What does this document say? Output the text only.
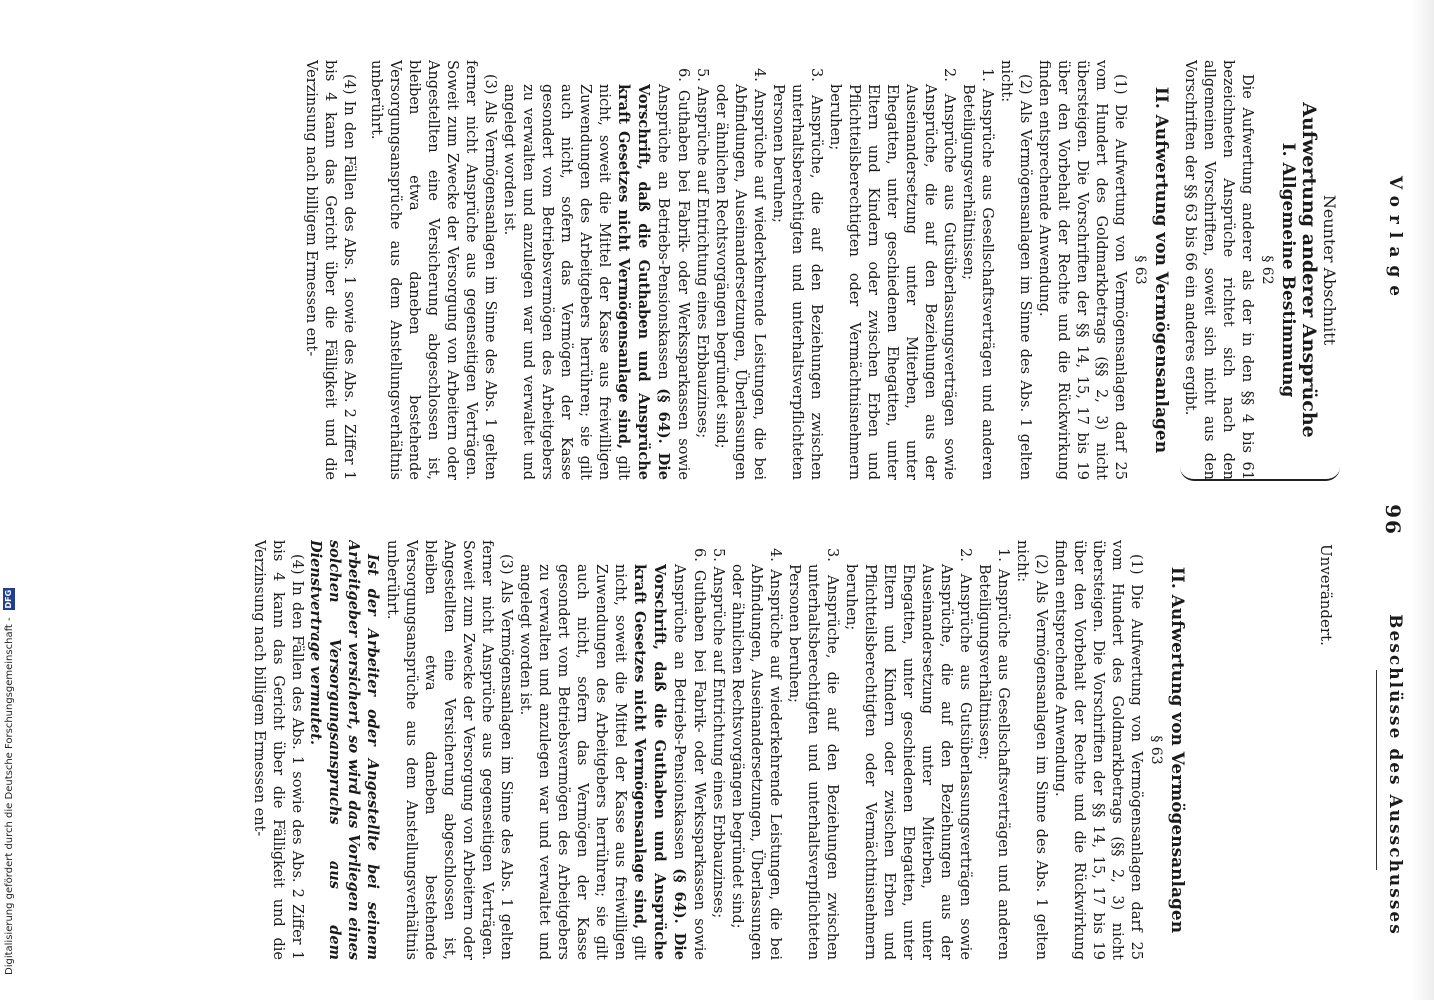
Vorlage
96
Beschlüsse des Ausschusses
Neunter Abschnitt
Aufwertung anderer Ansprüche
I. Allgemeine Bestimmung
§ 62

Die Aufwertung anderer als der in den §§ 4 bis 61 bezeichneten Ansprüche richtet sich nach den allgemeinen Vorschriften, soweit sich nicht aus den Vorschriften der §§ 63 bis 66 ein anderes ergibt.

II. Aufwertung von Vermögensanlagen
§ 63

(1) Die Aufwertung von Vermögensanlagen darf 25 vom Hundert des Goldmarkbetrags (§§ 2, 3) nicht übersteigen. Die Vorschriften der §§ 14, 15, 17 bis 19 über den Vorbehalt der Rechte und die Rückwirkung finden entsprechende Anwendung.

(2) Als Vermögensanlagen im Sinne des Abs. 1 gelten nicht:

1. Ansprüche aus Gesellschaftsverträgen und anderen Beteiligungsverhältnissen;

2. Ansprüche aus Gutsüberlassungsverträgen sowie Ansprüche, die auf den Beziehungen aus der Auseinandersetzung unter Miterben, unter Ehegatten, unter geschiedenen Ehegatten, unter Eltern und Kindern oder zwischen Erben und Pflichtteilsberechtigten oder Vermächtnisnehmern beruhen;

3. Ansprüche, die auf den Beziehungen zwischen unterhaltsberechtigten und unterhaltsverpflichteten Personen beruhen;

4. Ansprüche auf wiederkehrende Leistungen, die bei Abfindungen, Auseinandersetzungen, Überlassungen oder ähnlichen Rechtsvorgängen begründet sind;

5. Ansprüche auf Entrichtung eines Erbbauzinses;

6. Guthaben bei Fabrik- oder Werkssparkassen sowie Ansprüche an Betriebs-Pensionskassen (§ 64). Die Vorschrift, daß die Guthaben und Ansprüche kraft Gesetzes nicht Vermögensanlage sind, gilt nicht, soweit die Mittel der Kasse aus freiwilligen Zuwendungen des Arbeitgebers herrühren; sie gilt auch nicht, sofern das Vermögen der Kasse gesondert vom Betriebsvermögen des Arbeitgebers zu verwalten und anzulegen war und verwaltet und angelegt worden ist.

(3) Als Vermögensanlagen im Sinne des Abs. 1 gelten ferner nicht Ansprüche aus gegenseitigen Verträgen. Soweit zum Zwecke der Versorgung von Arbeitern oder Angestellten eine Versicherung abgeschlossen ist, bleiben etwa daneben bestehende Versorgungsansprüche aus dem Anstellungsverhältnis unberührt.

(4) In den Fällen des Abs. 1 sowie des Abs. 2 Ziffer 1 bis 4 kann das Gericht über die Fälligkeit und die Verzinsung nach billigem Ermessen ent-

Unverändert.
II. Aufwertung von Vermögensanlagen
§ 63

(1) Die Aufwertung von Vermögensanlagen darf 25 vom Hundert des Goldmarkbetrags (§§ 2, 3) nicht übersteigen. Die Vorschriften der §§ 14, 15, 17 bis 19 über den Vorbehalt der Rechte und die Rückwirkung finden entsprechende Anwendung.

(2) Als Vermögensanlagen im Sinne des Abs. 1 gelten nicht:

1. Ansprüche aus Gesellschaftsverträgen und anderen Beteiligungsverhältnissen;

2. Ansprüche aus Gutsüberlassungsverträgen sowie Ansprüche, die auf den Beziehungen aus der Auseinandersetzung unter Miterben, unter Ehegatten, unter geschiedenen Ehegatten, unter Eltern und Kindern oder zwischen Erben und Pflichtteilsberechtigten oder Vermächtnisnehmern beruhen;

3. Ansprüche, die auf den Beziehungen zwischen unterhaltsberechtigten und unterhaltsverpflichteten Personen beruhen;

4. Ansprüche auf wiederkehrende Leistungen, die bei Abfindungen, Auseinandersetzungen, Überlassungen oder ähnlichen Rechtsvorgängen begründet sind;

5. Ansprüche auf Entrichtung eines Erbbauzinses;

6. Guthaben bei Fabrik- oder Werkssparkassen sowie Ansprüche an Betriebs-Pensionskassen (§ 64). Die Vorschrift, daß die Guthaben und Ansprüche kraft Gesetzes nicht Vermögensanlage sind, gilt nicht, soweit die Mittel der Kasse aus freiwilligen Zuwendungen des Arbeitgebers herrühren; sie gilt auch nicht, sofern das Vermögen der Kasse gesondert vom Betriebsvermögen des Arbeitgebers zu verwalten und anzulegen war und verwaltet und angelegt worden ist.

(3) Als Vermögensanlagen im Sinne des Abs. 1 gelten ferner nicht Ansprüche aus gegenseitigen Verträgen. Soweit zum Zwecke der Versorgung von Arbeitern oder Angestellten eine Versicherung abgeschlossen ist, bleiben etwa daneben bestehende Versorgungsansprüche aus dem Anstellungsverhältnis unberührt.

Ist der Arbeiter oder Angestellte bei seinem Arbeitgeber versichert, so wird das Vorliegen eines solchen Versorgungsanspruchs aus dem Dienstvertrage vermutet.

(4) In den Fällen des Abs. 1 sowie des Abs. 2 Ziffer 1 bis 4 kann das Gericht über die Fälligkeit und die Verzinsung nach billigem Ermessen ent-

Digitalisierung gefördert durch die Deutsche Forschungsgemeinschaft - DFG
